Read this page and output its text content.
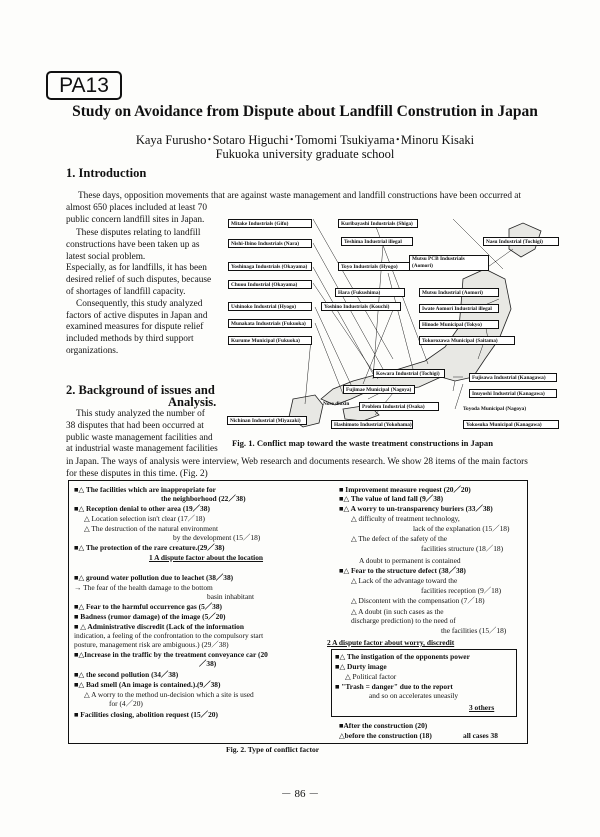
PA13
Study on Avoidance from Dispute about Landfill Constrution in Japan
Kaya Furusho･Sotaro Higuchi･Tomomi Tsukiyama･Minoru Kisaki
Fukuoka university graduate school
1. Introduction
These days, opposition movements that are against waste management and landfill constructions have been occurred at
almost 650 places included at least 70
public concern landfill sites in Japan.
These disputes relating to landfill
constructions have been taken up as
latest social problem.
Especially, as for landfills, it has been
desired relief of such disputes, because
of shortages of landfill capacity.
Consequently, this study analyzed
factors of active disputes in Japan and
examined measures for dispute relief
included methods by third support
organizations.
2. Background of issues and
Analysis.
This study analyzed the number of
38 disputes that had been occurred at
public waste management facilities and
at industrial waste management facilities
in Japan. The ways of analysis were interview, Web research and documents research. We show 28 items of the main factors
for these disputes in this time. (Fig. 2)
Mitake Industrials (Gifu)
Nishi-Ibino Industrials (Nara)
Yoshinaga Industrials (Okayama)
Chuou Industrial (Okayama)
Ushinoko Industrial (Hyogo)
Munakata Industrials (Fukuoka)
Kurume Municipal (Fukuoka)
Nichinan Industrial (Miyazaki)
Kuribayashi Industrials (Shiga)
Teshima Industrial illegal
Toyo Industrials (Hyogo)
Hara (Fukushima)
Yoshino Industrials (Kouchi)
Kowara Industrial (Tochigi)
Fujimae Municipal (Nagoya)
Nose dioxin	Problem Industrial (Osaka)
Hashimoto Industrial (Yokohama)
Nasu Industrial (Tochigi)
Mutsu PCB Industrials (Aomori)
Mutsu Industrial (Aomori)
Iwate Aomori Industrial illegal
Hinode Municipal (Tokyo)
Tokorozawa Municipal (Saitama)
Fujisawa Industrial (Kanagawa)
Inuyoshi Industrial (Kanagawa)
Toyoda Municipal (Nagoya)
Yokosuka Municipal (Kanagawa)
Fig. 1. Conflict map toward the waste treatment constructions in Japan
■△ The facilities which are inappropriate for
the neighborhood (22／38)
■△ Reception denial to other area (19／38)
△ Location selection isn't clear (17／18)
△ The destruction of the natural environment
by the development (15／18)
■△ The protection of the rare creature.(29／38)
1 A dispute factor about the location
■△ ground water pollution due to leachet (38／38)
→ The fear of the health damage to the bottom
basin inhabitant
■△ Fear to the harmful occurrence gas (5／38)
■ Badness (rumor damage) of the image (5／20)
■ △ Administrative discredit (Lack of the information
indication, a feeling of the confrontation to the compulsory start
posture, management risk are ambiguous.) (29／38)
■△Increase in the traffic by the treatment conveyance car (20
／38)
■△ the second pollution (34／38)
■△ Bad smell (An image is contained.).(9／38)
△ A worry to the method un-decision which a site is used
for (4／20)
■ Facilities closing, abolition request (15／20)
■ Improvement measure request (20／20)
■△ The value of land fall (9／38)
■△ A worry to un-transparency buriers (33／38)
△ difficulty of treatment technology,
lack of the explanation (15／18)
△ The defect of the safety of the
facilities structure (18／18)
A doubt to permanent is contained
■△ Fear to the structure defect (38／38)
△ Lack of the advantage toward the
facilities reception (9／18)
△ Discontent with the compensation (7／18)
△ A doubt (in such cases as the
discharge prediction) to the need of
the facilities (15／18)
2 A dispute factor about worry, discredit
■△ The instigation of the opponents power
■△ Durty image
△ Political factor
■ "Trash = danger" due to the report
and so on accelerates uneasily
3 others
■After the construction (20)
△before the construction (18)	all cases 38
Fig. 2. Type of conflict factor
－ 86 －
